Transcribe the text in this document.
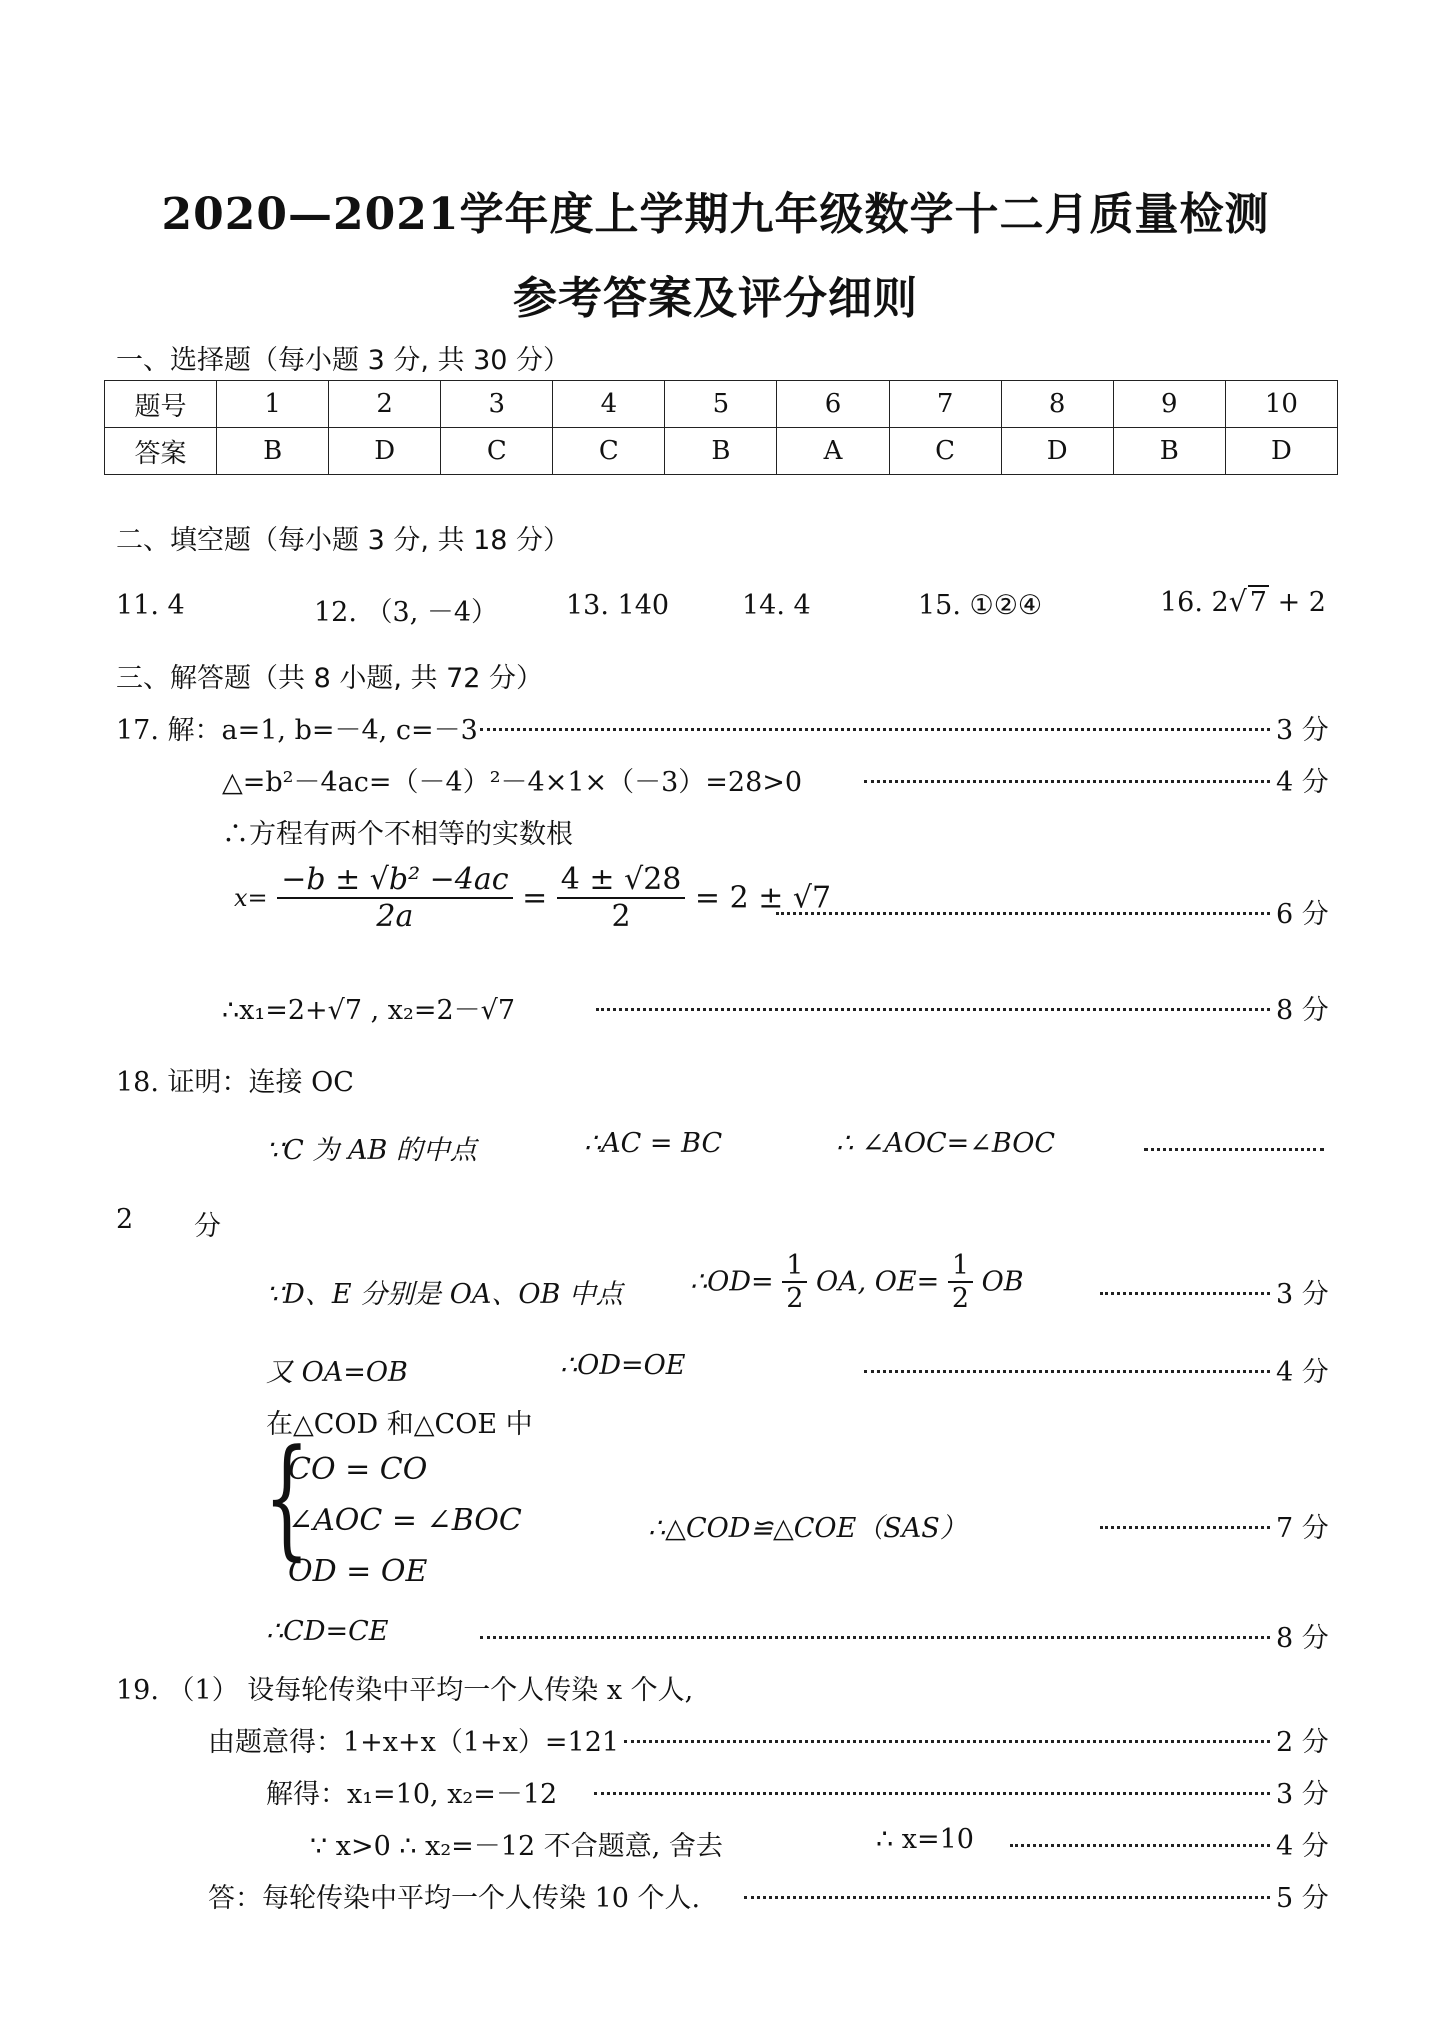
2020—2021学年度上学期九年级数学十二月质量检测
参考答案及评分细则
一、选择题（每小题 3 分, 共 30 分）
题号	1	2	3	4	5	6	7	8	9	10
答案	B	D	C	C	B	A	C	D	B	D
二、填空题（每小题 3 分, 共 18 分）
11. 4	12. （3, －4）	13. 140	14. 4	15. ①②④	16. 2√ 7 + 2
三、解答题（共 8 小题, 共 72 分）
17. 解：a=1, b=－4, c=－3	3 分
△=b²－4ac=（－4）²－4×1×（－3）=28>0	4 分
∴方程有两个不相等的实数根
$x= \frac{\text{−b ± √b² −4ac}}{2a} = \frac{4 \pm √28}{2} = 2 \pm √7$	6 分
∴x₁=2+√7 , x₂=2－√7	8 分
18. 证明：连接 OC
∵C 为 AB 的中点	∴AC = BC	∴ ∠AOC=∠BOC
2 分
∵D、E 分别是 OA、OB 中点 ∴OD= $\frac{1}{2}$ OA, $OE= \frac{1}{2}$ OB	3 分
又 OA=OB	∴OD=OE	4 分
在△COD 和△COE 中
{
CO = CO
∠AOC = ∠BOC
OD = OE
∴△COD≌△COE（SAS）	7 分
∴CD=CE	8 分
19. （1） 设每轮传染中平均一个人传染 x 个人,
由题意得：1+x+x（1+x）=121	2 分
解得：x₁=10, x₂=－12	3 分
∵ x>0 ∴ x₂=－12 不合题意, 舍去	∴ x=10	4 分
答：每轮传染中平均一个人传染 10 个人.	5 分
